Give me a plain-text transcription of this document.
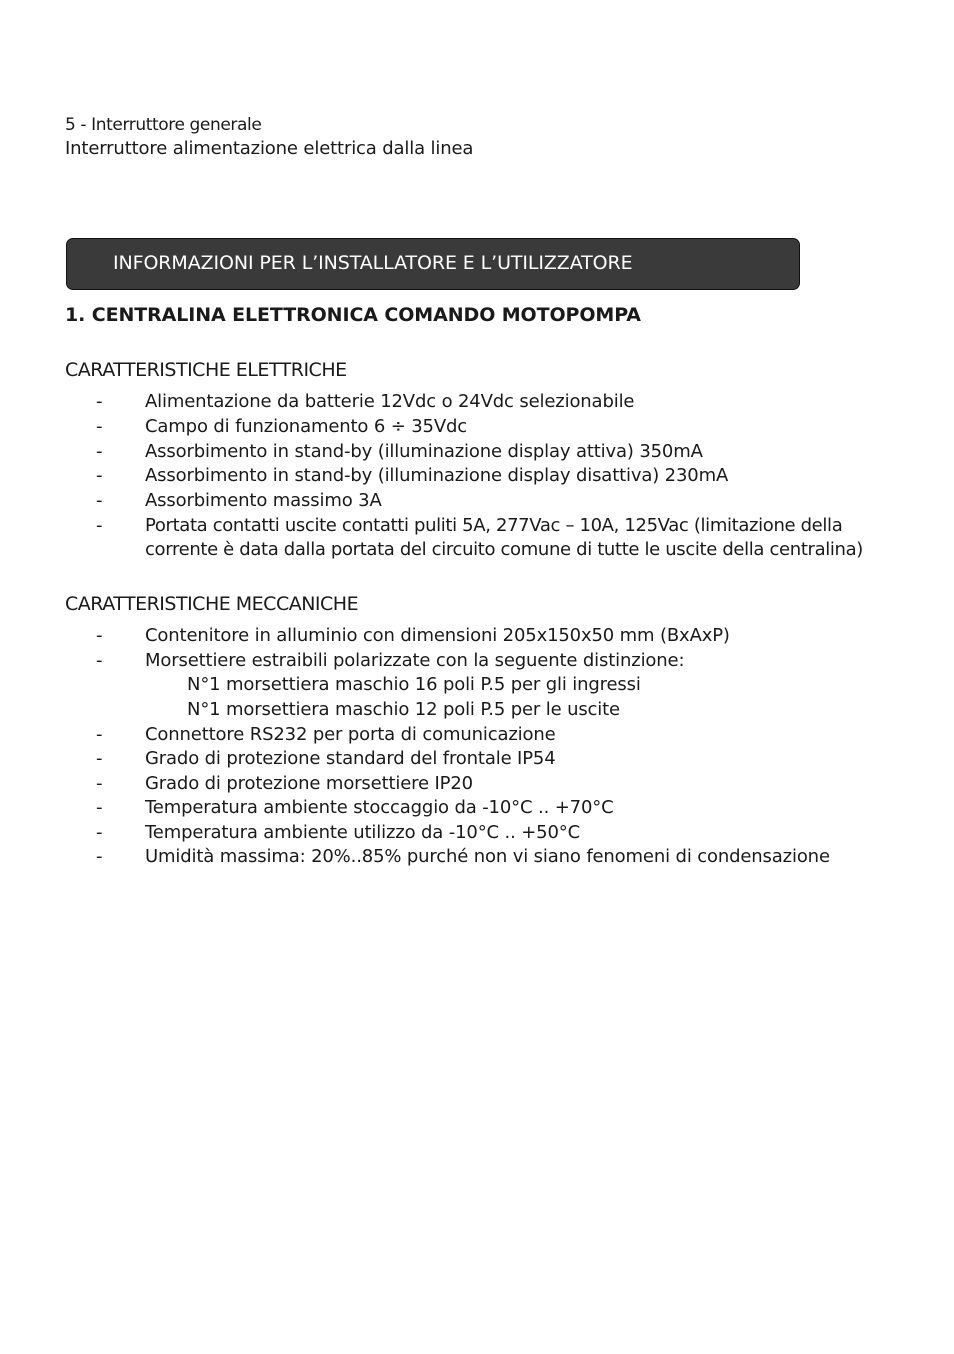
5 - Interruttore generale
Interruttore alimentazione elettrica dalla linea
INFORMAZIONI PER L’INSTALLATORE E L’UTILIZZATORE
1. CENTRALINA ELETTRONICA COMANDO MOTOPOMPA
CARATTERISTICHE ELETTRICHE
- Alimentazione da batterie 12Vdc o 24Vdc selezionabile
- Campo di funzionamento 6 ÷ 35Vdc
- Assorbimento in stand-by (illuminazione display attiva) 350mA
- Assorbimento in stand-by (illuminazione display disattiva) 230mA
- Assorbimento massimo 3A
- Portata contatti uscite contatti puliti 5A, 277Vac – 10A, 125Vac (limitazione della
corrente è data dalla portata del circuito comune di tutte le uscite della centralina)
CARATTERISTICHE MECCANICHE
- Contenitore in alluminio con dimensioni 205x150x50 mm (BxAxP)
- Morsettiere estraibili polarizzate con la seguente distinzione:
N°1 morsettiera maschio 16 poli P.5 per gli ingressi
N°1 morsettiera maschio 12 poli P.5 per le uscite
- Connettore RS232 per porta di comunicazione
- Grado di protezione standard del frontale IP54
- Grado di protezione morsettiere IP20
- Temperatura ambiente stoccaggio da -10°C .. +70°C
- Temperatura ambiente utilizzo da -10°C .. +50°C
- Umidità massima: 20%..85% purché non vi siano fenomeni di condensazione
